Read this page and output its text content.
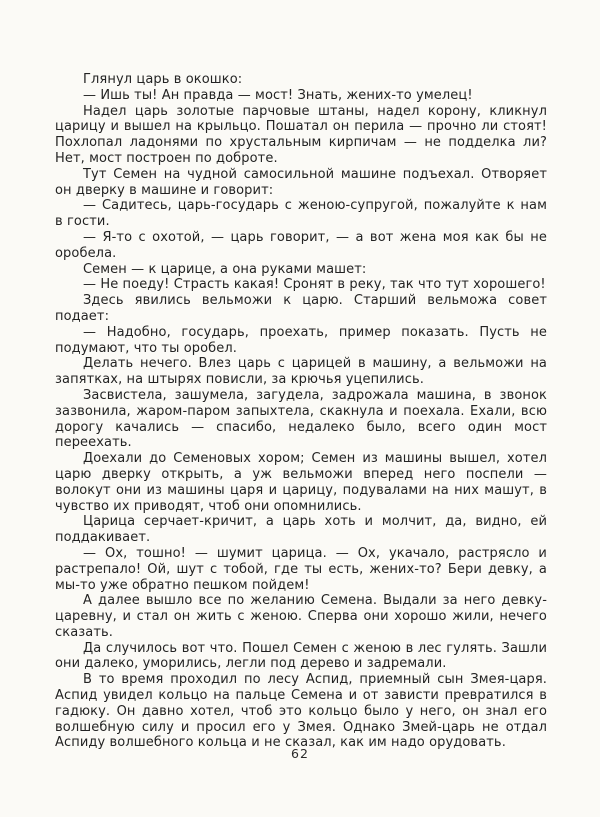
Глянул царь в окошко:

— Ишь ты! Ан правда — мост! Знать, жених-то умелец!

Надел царь золотые парчовые штаны, надел корону, кликнул царицу и вышел на крыльцо. Пошатал он перила — прочно ли стоят! Похлопал ладонями по хрустальным кирпичам — не подделка ли? Нет, мост построен по доброте.

Тут Семен на чудной самосильной машине подъехал. Отворяет он дверку в машине и говорит:

— Садитесь, царь-государь с женою-супругой, пожалуйте к нам в гости.

— Я-то с охотой, — царь говорит, — а вот жена моя как бы не оробела.

Семен — к царице, а она руками машет:

— Не поеду! Страсть какая! Сронят в реку, так что тут хорошего!

Здесь явились вельможи к царю. Старший вельможа совет подает:

— Надобно, государь, проехать, пример показать. Пусть не подумают, что ты оробел.

Делать нечего. Влез царь с царицей в машину, а вельможи на запятках, на штырях повисли, за крючья уцепились.

Засвистела, зашумела, загудела, задрожала машина, в звонок зазвонила, жаром-паром запыхтела, скакнула и поехала. Ехали, всю дорогу качались — спасибо, недалеко было, всего один мост переехать.

Доехали до Семеновых хором; Семен из машины вышел, хотел царю дверку открыть, а уж вельможи вперед него поспели — волокут они из машины царя и царицу, подувалами на них машут, в чувство их приводят, чтоб они опомнились.

Царица серчает-кричит, а царь хоть и молчит, да, видно, ей поддакивает.

— Ох, тошно! — шумит царица. — Ох, укачало, растрясло и растрепало! Ой, шут с тобой, где ты есть, жених-то? Бери девку, а мы-то уже обратно пешком пойдем!

А далее вышло все по желанию Семена. Выдали за него девку-царевну, и стал он жить с женою. Сперва они хорошо жили, нечего сказать.

Да случилось вот что. Пошел Семен с женою в лес гулять. Зашли они далеко, уморились, легли под дерево и задремали.

В то время проходил по лесу Аспид, приемный сын Змея-царя. Аспид увидел кольцо на пальце Семена и от зависти превратился в гадюку. Он давно хотел, чтоб это кольцо было у него, он знал его волшебную силу и просил его у Змея. Однако Змей-царь не отдал Аспиду волшебного кольца и не сказал, как им надо орудовать.

62
